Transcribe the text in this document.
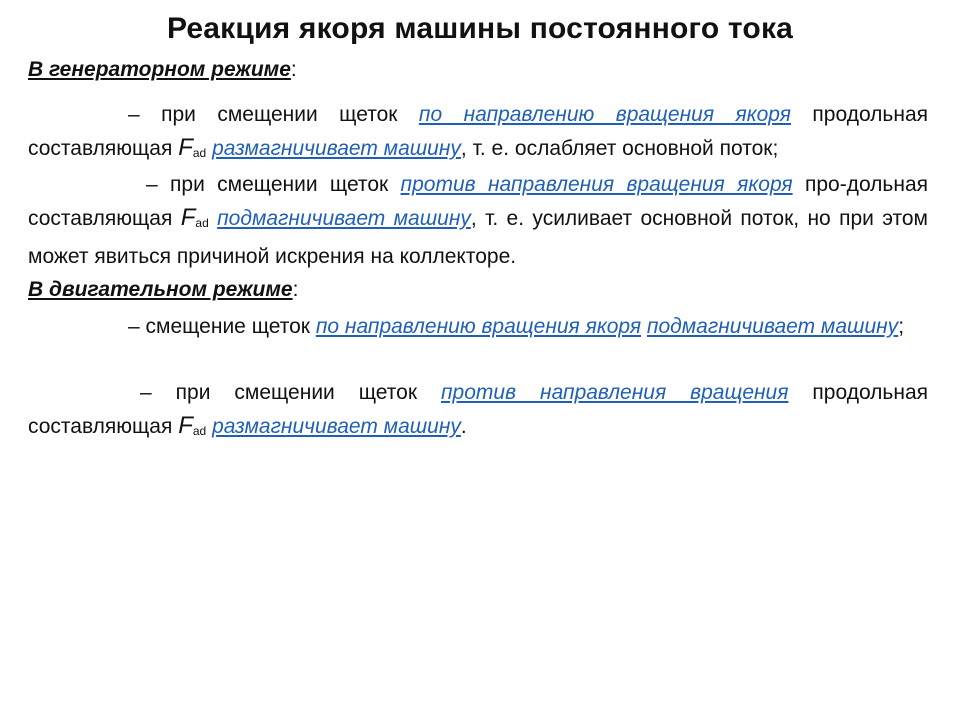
Реакция якоря машины постоянного тока
В генераторном режиме:
– при смещении щеток по направлению вращения якоря продольная составляющая Fad размагничивает машину, т. е. ослабляет основной поток;
– при смещении щеток против направления вращения якоря про-дольная составляющая Fad подмагничивает машину, т. е. усиливает основной поток, но при этом может явиться причиной искрения на коллекторе.
В двигательном режиме:
– смещение щеток по направлению вращения якоря подмагничивает машину;
– при смещении щеток против направления вращения продольная составляющая Fad размагничивает машину.
